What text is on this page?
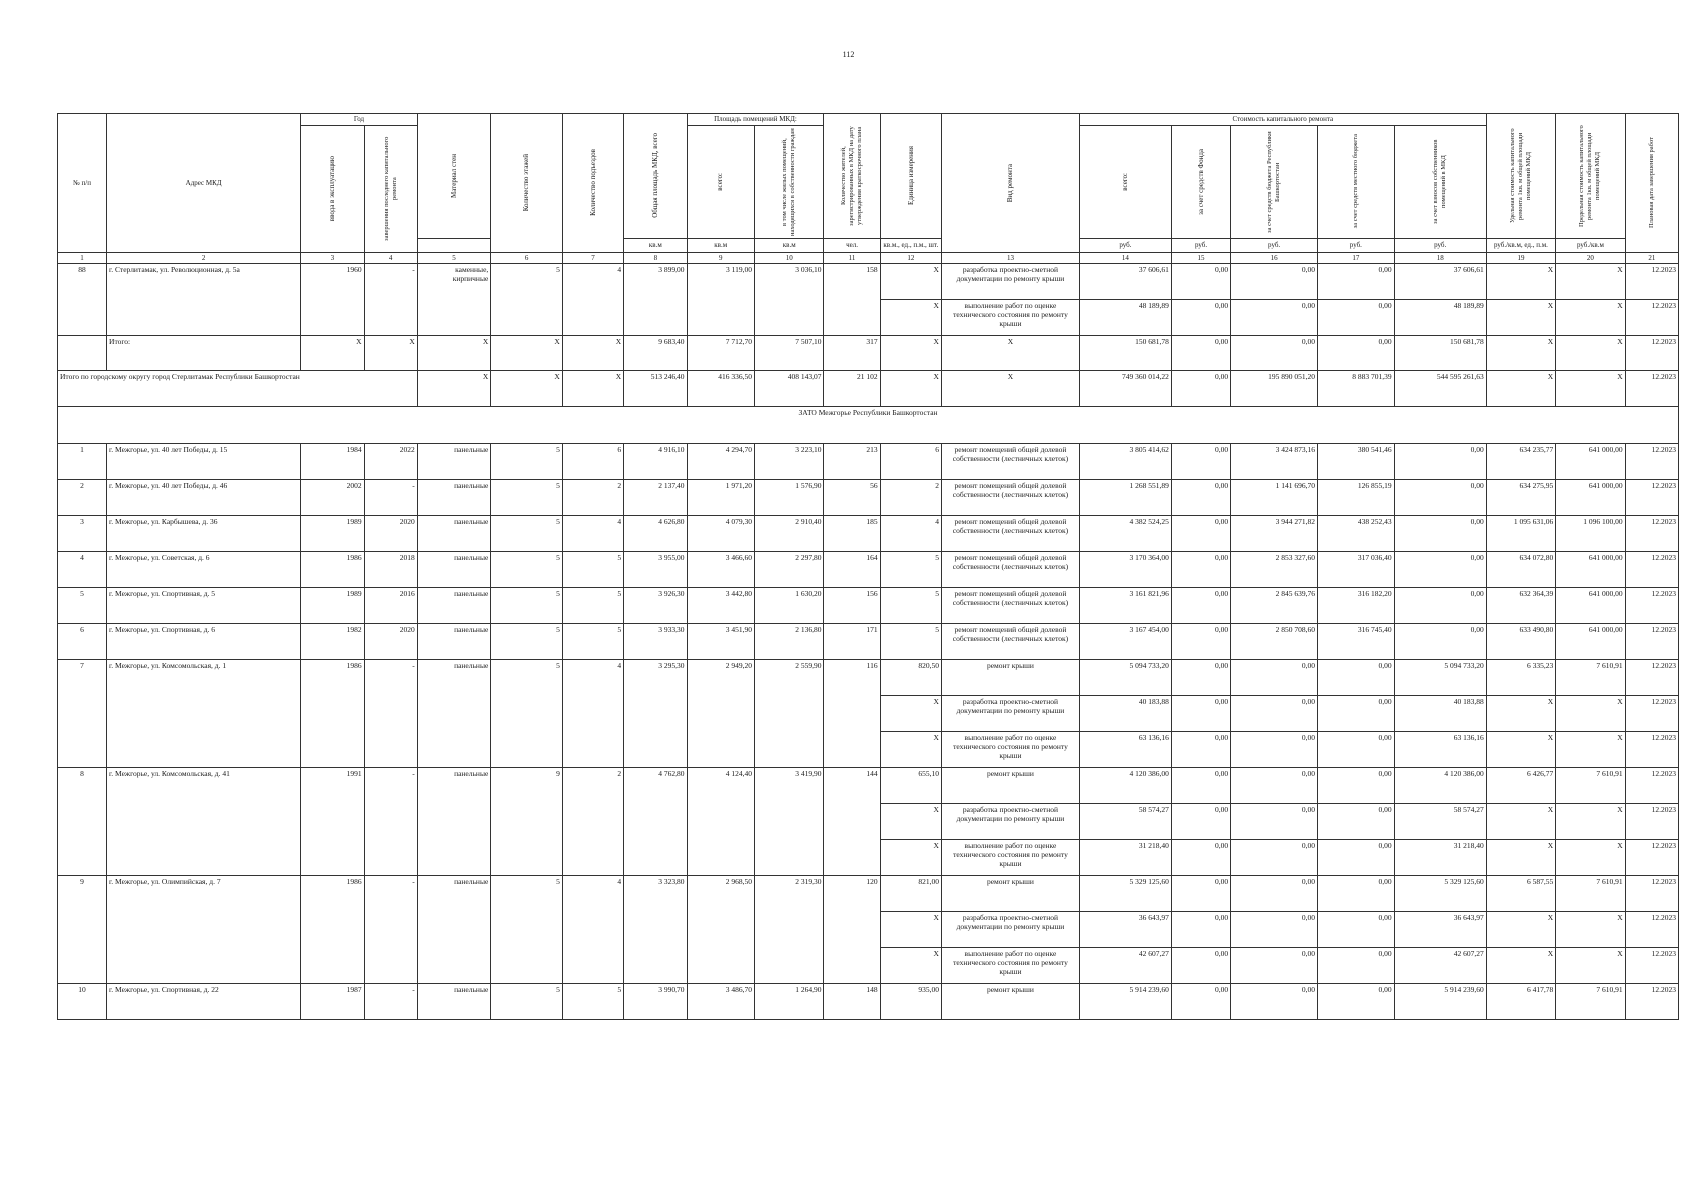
112
№ п/п	Адрес МКД	Год		Материал стен	Количество этажей	Количество подъездов	Общая площадь МКД, всего	Площадь помещений МКД:		Количество жителей, зарегистрированных в МКД на дату утверждения краткосрочного плана	Единица измерения	Вид ремонта	Стоимость капитального ремонта					Удельная стоимость капитального ремонта 1кв. м общей площади помещений МКД	Предельная стоимость капитального ремонта 1кв. м общей площади помещений МКД	Плановая дата завершения работ

		ввода в эксплуатацию	завершения последнего капитального ремонта					всего:	в том числе жилых помещений, находящихся в собственности граждан				всего:	за счет средств Фонда	за счет средств бюджета Республики Башкортостан	за счет средств местного бюджета	за счет взносов собственников помещений в МКД			

							кв.м	кв.м	кв.м	чел.	кв.м., ед., п.м., шт.		руб.	руб.	руб.	руб.	руб.	руб./кв.м, ед., п.м.	руб./кв.м	
1	2	3	4	5	6	7	8	9	10	11	12	13	14	15	16	17	18	19	20	21
88	г. Стерлитамак, ул. Революционная, д. 5а	1960	-	каменные, кирпичные	5	4	3 899,00	3 119,00	3 036,10	158	Х	разработка проектно-сметной документации по ремонту крыши	37 606,61	0,00	0,00	0,00	37 606,61	Х	Х	12.2023
											Х	выполнение работ по оценке технического состояния по ремонту крыши	48 189,89	0,00	0,00	0,00	48 189,89	Х	Х	12.2023
	Итого:	Х	Х	Х	Х	Х	9 683,40	7 712,70	7 507,10	317	Х	Х	150 681,78	0,00	0,00	0,00	150 681,78	Х	Х	12.2023
Итого по городскому округу город Стерлитамак Республики Башкортостан				Х	Х	Х	513 246,40	416 336,50	408 143,07	21 102	Х	Х	749 360 014,22	0,00	195 890 051,20	8 883 701,39	544 595 261,63	Х	Х	12.2023
ЗАТО Межгорье Республики Башкортостан																				
1	г. Межгорье, ул. 40 лет Победы, д. 15	1984	2022	панельные	5	6	4 916,10	4 294,70	3 223,10	213	6	ремонт помещений общей долевой собственности (лестничных клеток)	3 805 414,62	0,00	3 424 873,16	380 541,46	0,00	634 235,77	641 000,00	12.2023
2	г. Межгорье, ул. 40 лет Победы, д. 46	2002	-	панельные	5	2	2 137,40	1 971,20	1 576,90	56	2	ремонт помещений общей долевой собственности (лестничных клеток)	1 268 551,89	0,00	1 141 696,70	126 855,19	0,00	634 275,95	641 000,00	12.2023
3	г. Межгорье, ул. Карбышева, д. 36	1989	2020	панельные	5	4	4 626,80	4 079,30	2 910,40	185	4	ремонт помещений общей долевой собственности (лестничных клеток)	4 382 524,25	0,00	3 944 271,82	438 252,43	0,00	1 095 631,06	1 096 100,00	12.2023
4	г. Межгорье, ул. Советская, д. 6	1986	2018	панельные	5	5	3 955,00	3 466,60	2 297,80	164	5	ремонт помещений общей долевой собственности (лестничных клеток)	3 170 364,00	0,00	2 853 327,60	317 036,40	0,00	634 072,80	641 000,00	12.2023
5	г. Межгорье, ул. Спортивная, д. 5	1989	2016	панельные	5	5	3 926,30	3 442,80	1 630,20	156	5	ремонт помещений общей долевой собственности (лестничных клеток)	3 161 821,96	0,00	2 845 639,76	316 182,20	0,00	632 364,39	641 000,00	12.2023
6	г. Межгорье, ул. Спортивная, д. 6	1982	2020	панельные	5	5	3 933,30	3 451,90	2 136,80	171	5	ремонт помещений общей долевой собственности (лестничных клеток)	3 167 454,00	0,00	2 850 708,60	316 745,40	0,00	633 490,80	641 000,00	12.2023
7	г. Межгорье, ул. Комсомольская, д. 1	1986	-	панельные	5	4	3 295,30	2 949,20	2 559,90	116	820,50	ремонт крыши	5 094 733,20	0,00	0,00	0,00	5 094 733,20	6 335,23	7 610,91	12.2023
											Х	разработка проектно-сметной документации по ремонту крыши	40 183,88	0,00	0,00	0,00	40 183,88	Х	Х	12.2023
											Х	выполнение работ по оценке технического состояния по ремонту крыши	63 136,16	0,00	0,00	0,00	63 136,16	Х	Х	12.2023
8	г. Межгорье, ул. Комсомольская, д. 41	1991	-	панельные	9	2	4 762,80	4 124,40	3 419,90	144	655,10	ремонт крыши	4 120 386,00	0,00	0,00	0,00	4 120 386,00	6 426,77	7 610,91	12.2023
											Х	разработка проектно-сметной документации по ремонту крыши	58 574,27	0,00	0,00	0,00	58 574,27	Х	Х	12.2023
											Х	выполнение работ по оценке технического состояния по ремонту крыши	31 218,40	0,00	0,00	0,00	31 218,40	Х	Х	12.2023
9	г. Межгорье, ул. Олимпийская, д. 7	1986	-	панельные	5	4	3 323,80	2 968,50	2 319,30	120	821,00	ремонт крыши	5 329 125,60	0,00	0,00	0,00	5 329 125,60	6 587,55	7 610,91	12.2023
											Х	разработка проектно-сметной документации по ремонту крыши	36 643,97	0,00	0,00	0,00	36 643,97	Х	Х	12.2023
											Х	выполнение работ по оценке технического состояния по ремонту крыши	42 607,27	0,00	0,00	0,00	42 607,27	Х	Х	12.2023
10	г. Межгорье, ул. Спортивная, д. 22	1987	-	панельные	5	5	3 990,70	3 486,70	1 264,90	148	935,00	ремонт крыши	5 914 239,60	0,00	0,00	0,00	5 914 239,60	6 417,78	7 610,91	12.2023
